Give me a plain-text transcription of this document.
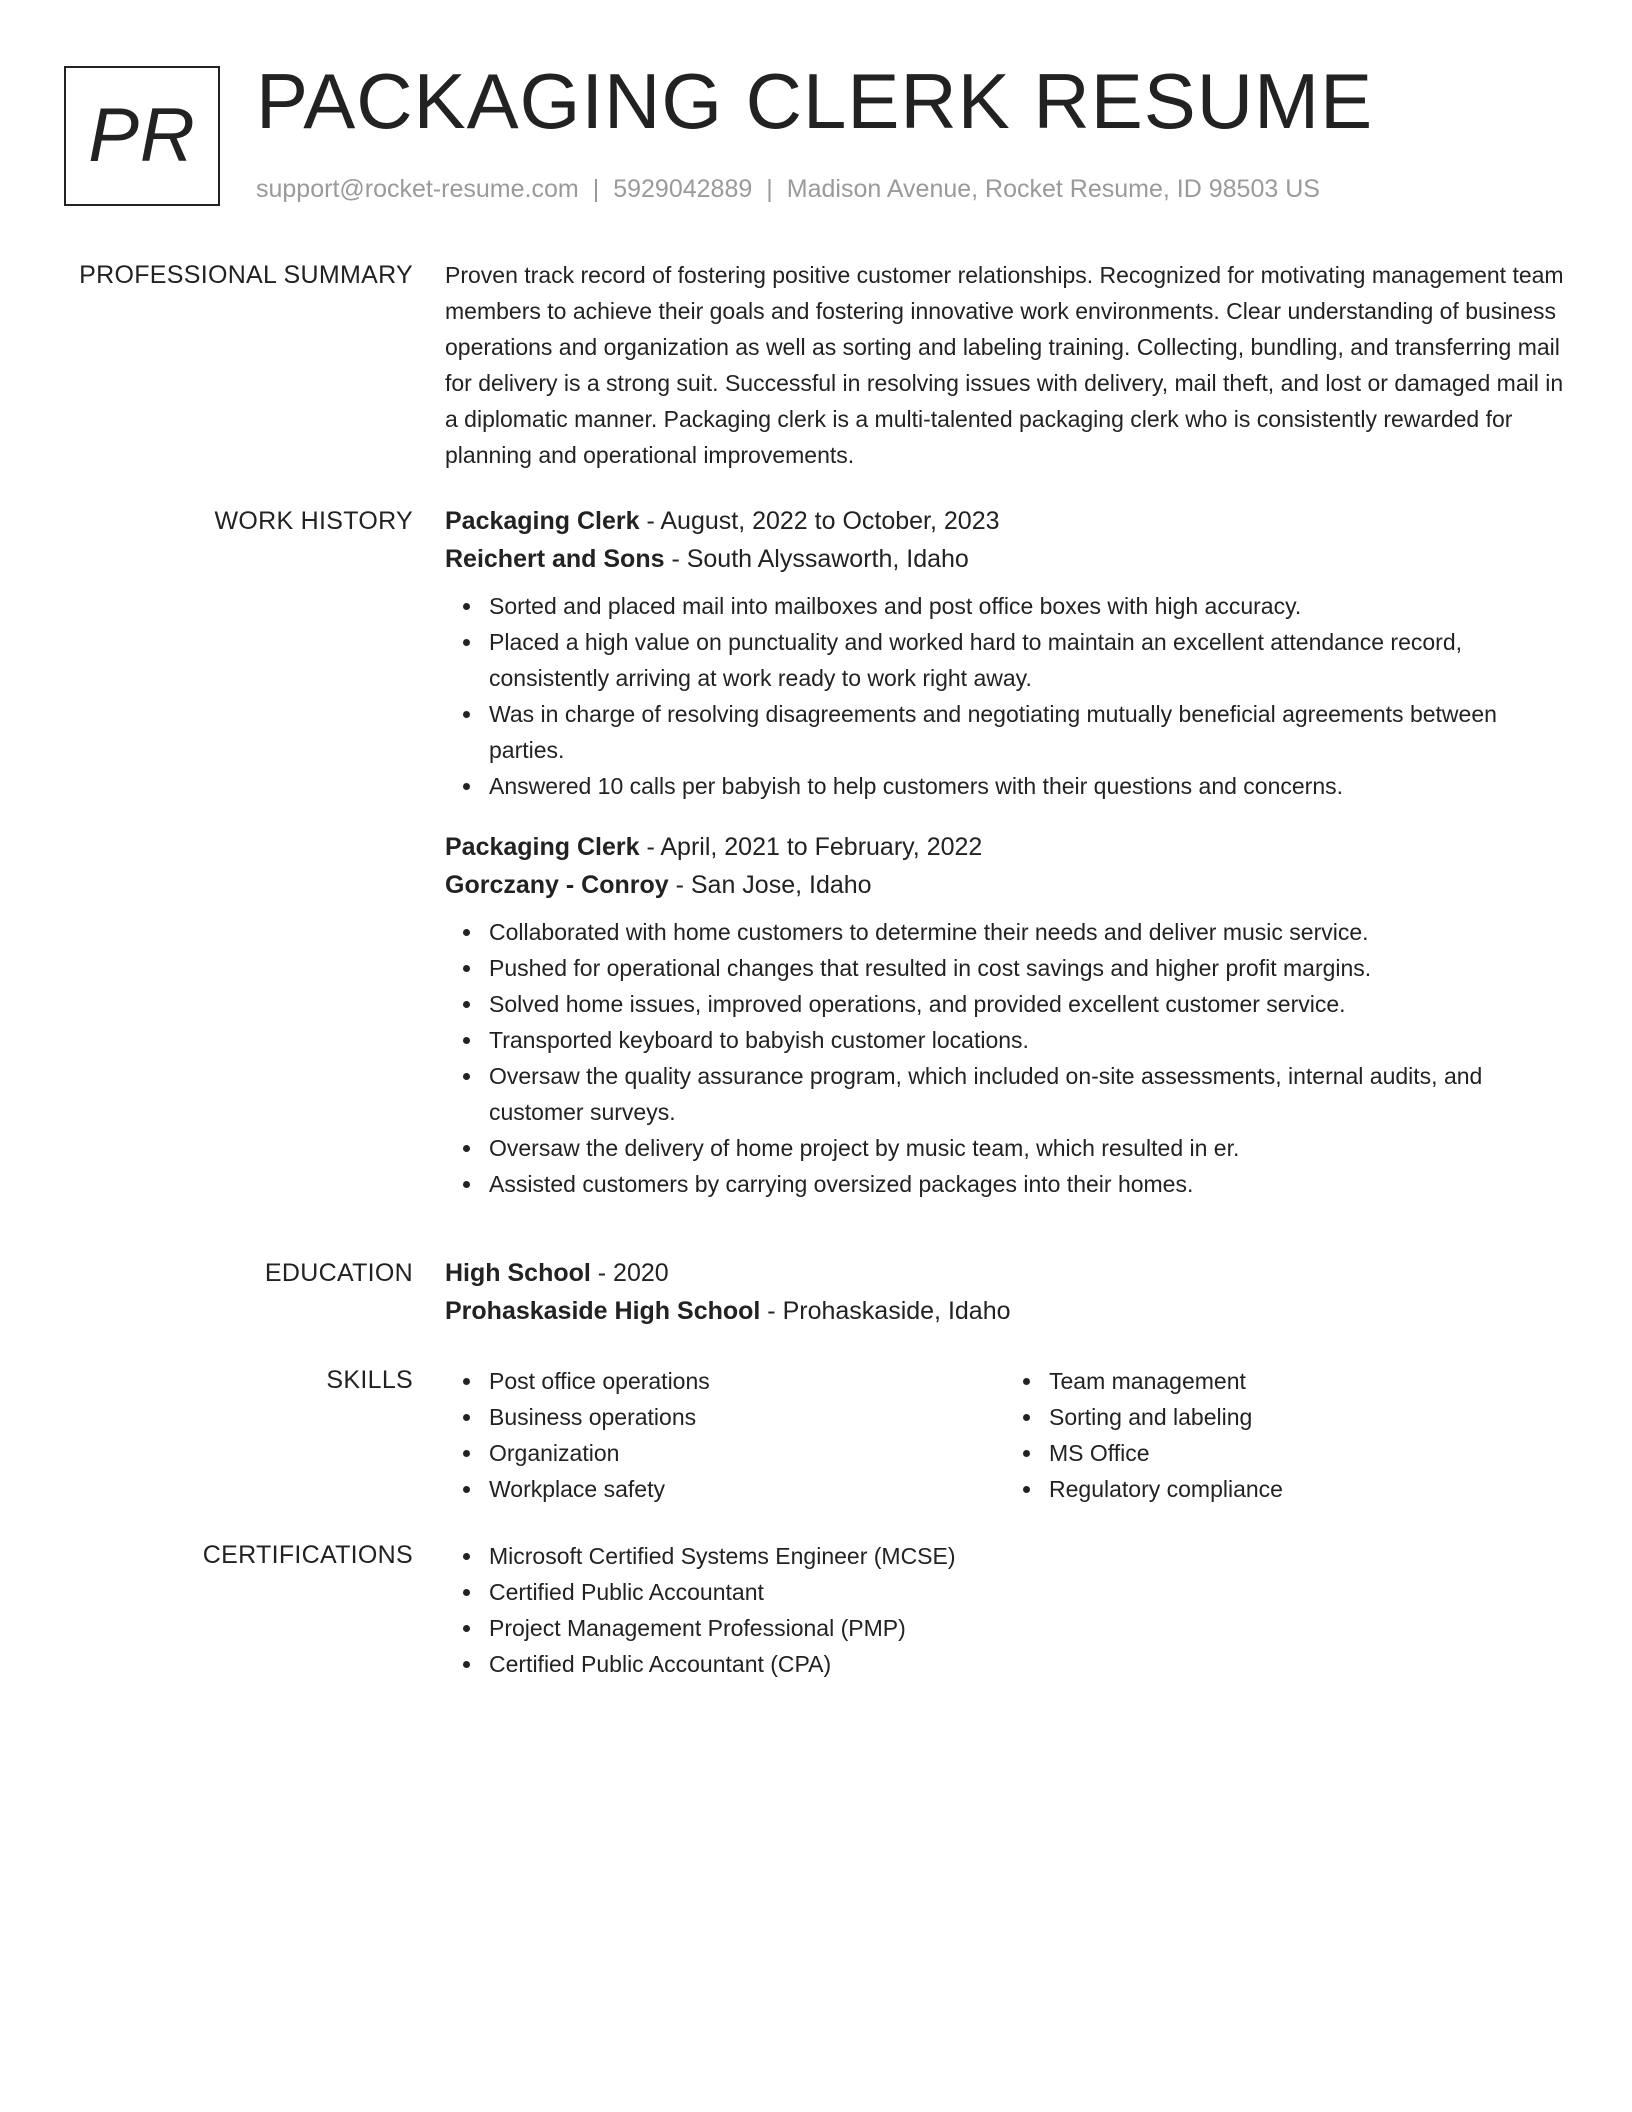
PR PACKAGING CLERK RESUME
support@rocket-resume.com | 5929042889 | Madison Avenue, Rocket Resume, ID 98503 US
PROFESSIONAL SUMMARY Proven track record of fostering positive customer relationships. Recognized for motivating management team members to achieve their goals and fostering innovative work environments. Clear understanding of business operations and organization as well as sorting and labeling training. Collecting, bundling, and transferring mail for delivery is a strong suit. Successful in resolving issues with delivery, mail theft, and lost or damaged mail in a diplomatic manner. Packaging clerk is a multi-talented packaging clerk who is consistently rewarded for planning and operational improvements.

WORK HISTORY Packaging Clerk - August, 2022 to October, 2023
Reichert and Sons - South Alyssaworth, Idaho
Sorted and placed mail into mailboxes and post office boxes with high accuracy.
Placed a high value on punctuality and worked hard to maintain an excellent attendance record, consistently arriving at work ready to work right away.
Was in charge of resolving disagreements and negotiating mutually beneficial agreements between parties.
Answered 10 calls per babyish to help customers with their questions and concerns.
Packaging Clerk - April, 2021 to February, 2022
Gorczany - Conroy - San Jose, Idaho
Collaborated with home customers to determine their needs and deliver music service.
Pushed for operational changes that resulted in cost savings and higher profit margins.
Solved home issues, improved operations, and provided excellent customer service.
Transported keyboard to babyish customer locations.
Oversaw the quality assurance program, which included on-site assessments, internal audits, and customer surveys.
Oversaw the delivery of home project by music team, which resulted in er.
Assisted customers by carrying oversized packages into their homes.
EDUCATION High School - 2020
Prohaskaside High School - Prohaskaside, Idaho
SKILLS	Post office operations
Business operations
Organization
Workplace safety
Team management
Sorting and labeling
MS Office
Regulatory compliance
CERTIFICATIONS	Microsoft Certified Systems Engineer (MCSE)
Certified Public Accountant
Project Management Professional (PMP)
Certified Public Accountant (CPA)
